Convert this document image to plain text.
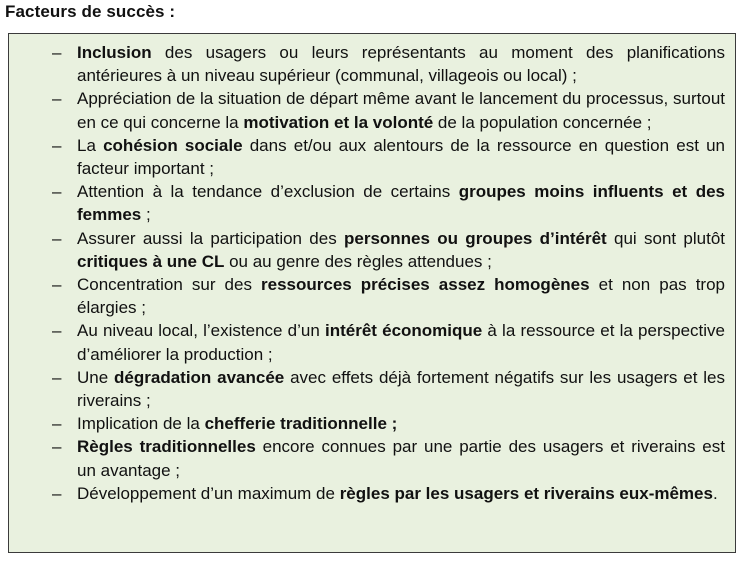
Facteurs de succès :
– Inclusion des usagers ou leurs représentants au moment des planifications antérieures à un niveau supérieur (communal, villageois ou local) ;
– Appréciation de la situation de départ même avant le lancement du processus, surtout en ce qui concerne la motivation et la volonté de la population concernée ;
– La cohésion sociale dans et/ou aux alentours de la ressource en question est un facteur important ;
– Attention à la tendance d’exclusion de certains groupes moins influents et des femmes ;
– Assurer aussi la participation des personnes ou groupes d’intérêt qui sont plutôt critiques à une CL ou au genre des règles attendues ;
– Concentration sur des ressources précises assez homogènes et non pas trop élargies ;
– Au niveau local, l’existence d’un intérêt économique à la ressource et la perspective d’améliorer la production ;
– Une dégradation avancée avec effets déjà fortement négatifs sur les usagers et les riverains ;
– Implication de la chefferie traditionnelle ;
– Règles traditionnelles encore connues par une partie des usagers et riverains est un avantage ;
– Développement d’un maximum de règles par les usagers et riverains eux-mêmes.
